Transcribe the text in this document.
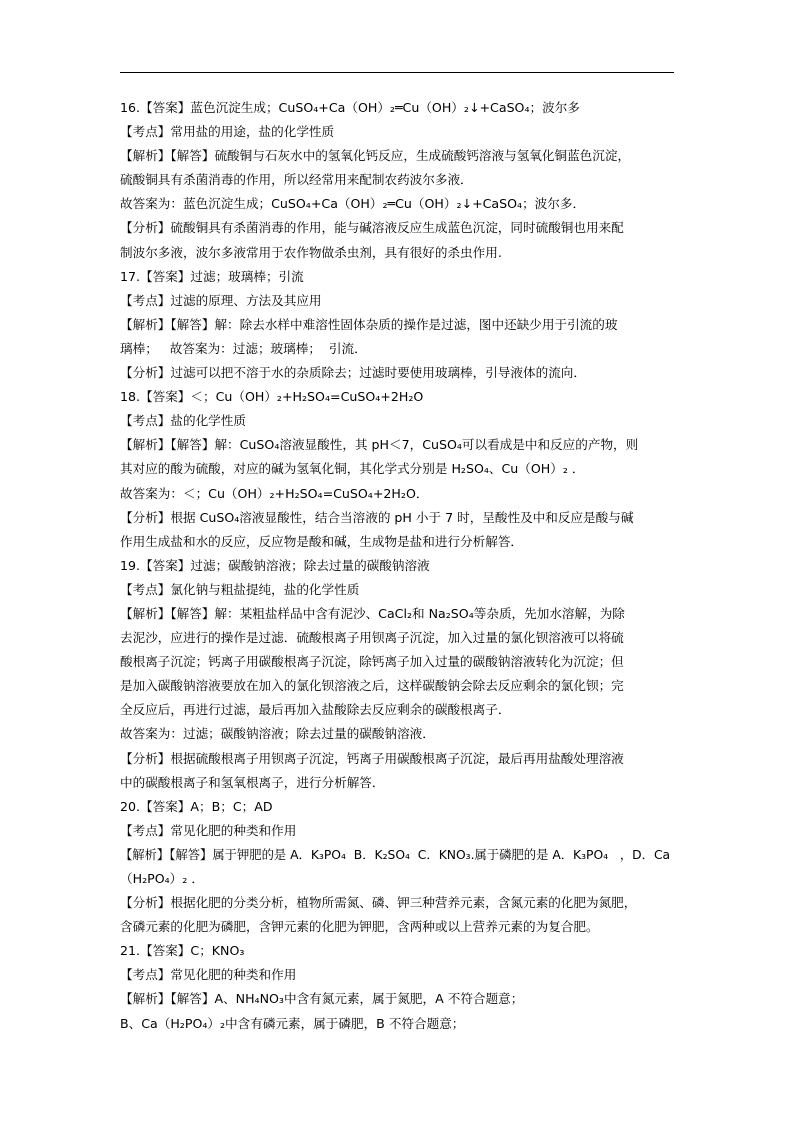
16.【答案】蓝色沉淀生成；CuSO₄+Ca（OH）₂═Cu（OH）₂↓+CaSO₄；波尔多
【考点】常用盐的用途，盐的化学性质
【解析】【解答】硫酸铜与石灰水中的氢氧化钙反应，生成硫酸钙溶液与氢氧化铜蓝色沉淀，
硫酸铜具有杀菌消毒的作用，所以经常用来配制农药波尔多液．
故答案为：蓝色沉淀生成；CuSO₄+Ca（OH）₂═Cu（OH）₂↓+CaSO₄；波尔多．
【分析】硫酸铜具有杀菌消毒的作用，能与碱溶液反应生成蓝色沉淀，同时硫酸铜也用来配
制波尔多液，波尔多液常用于农作物做杀虫剂，具有很好的杀虫作用.
17.【答案】过滤；玻璃棒；引流
【考点】过滤的原理、方法及其应用
【解析】【解答】解：除去水样中难溶性固体杂质的操作是过滤，图中还缺少用于引流的玻
璃棒；   故答案为：过滤；玻璃棒；  引流．
【分析】过滤可以把不溶于水的杂质除去；过滤时要使用玻璃棒，引导液体的流向．
18.【答案】＜；Cu（OH）₂+H₂SO₄=CuSO₄+2H₂O
【考点】盐的化学性质
【解析】【解答】解：CuSO₄溶液显酸性，其 pH＜7，CuSO₄可以看成是中和反应的产物，则
其对应的酸为硫酸，对应的碱为氢氧化铜，其化学式分别是 H₂SO₄、Cu（OH）₂ ．
故答案为：＜；Cu（OH）₂+H₂SO₄=CuSO₄+2H₂O．
【分析】根据 CuSO₄溶液显酸性，结合当溶液的 pH 小于 7 时，呈酸性及中和反应是酸与碱
作用生成盐和水的反应，反应物是酸和碱，生成物是盐和进行分析解答．
19.【答案】过滤；碳酸钠溶液；除去过量的碳酸钠溶液
【考点】氯化钠与粗盐提纯，盐的化学性质
【解析】【解答】解：某粗盐样品中含有泥沙、CaCl₂和 Na₂SO₄等杂质，先加水溶解，为除
去泥沙，应进行的操作是过滤．硫酸根离子用钡离子沉淀，加入过量的氯化钡溶液可以将硫
酸根离子沉淀；钙离子用碳酸根离子沉淀，除钙离子加入过量的碳酸钠溶液转化为沉淀；但
是加入碳酸钠溶液要放在加入的氯化钡溶液之后，这样碳酸钠会除去反应剩余的氯化钡；完
全反应后，再进行过滤，最后再加入盐酸除去反应剩余的碳酸根离子．
故答案为：过滤；碳酸钠溶液；除去过量的碳酸钠溶液．
【分析】根据硫酸根离子用钡离子沉淀，钙离子用碳酸根离子沉淀，最后再用盐酸处理溶液
中的碳酸根离子和氢氧根离子，进行分析解答．
20.【答案】A；B；C；AD
【考点】常见化肥的种类和作用
【解析】【解答】属于钾肥的是 A．K₃PO₄  B．K₂SO₄  C．KNO₃.属于磷肥的是 A．K₃PO₄   ，D．Ca
（H₂PO₄）₂ ．
【分析】根据化肥的分类分析，植物所需氮、磷、钾三种营养元素，含氮元素的化肥为氮肥，
含磷元素的化肥为磷肥，含钾元素的化肥为钾肥，含两种或以上营养元素的为复合肥。
21.【答案】C；KNO₃
【考点】常见化肥的种类和作用
【解析】【解答】A、NH₄NO₃中含有氮元素，属于氮肥，A 不符合题意；
B、Ca（H₂PO₄）₂中含有磷元素，属于磷肥，B 不符合题意；
